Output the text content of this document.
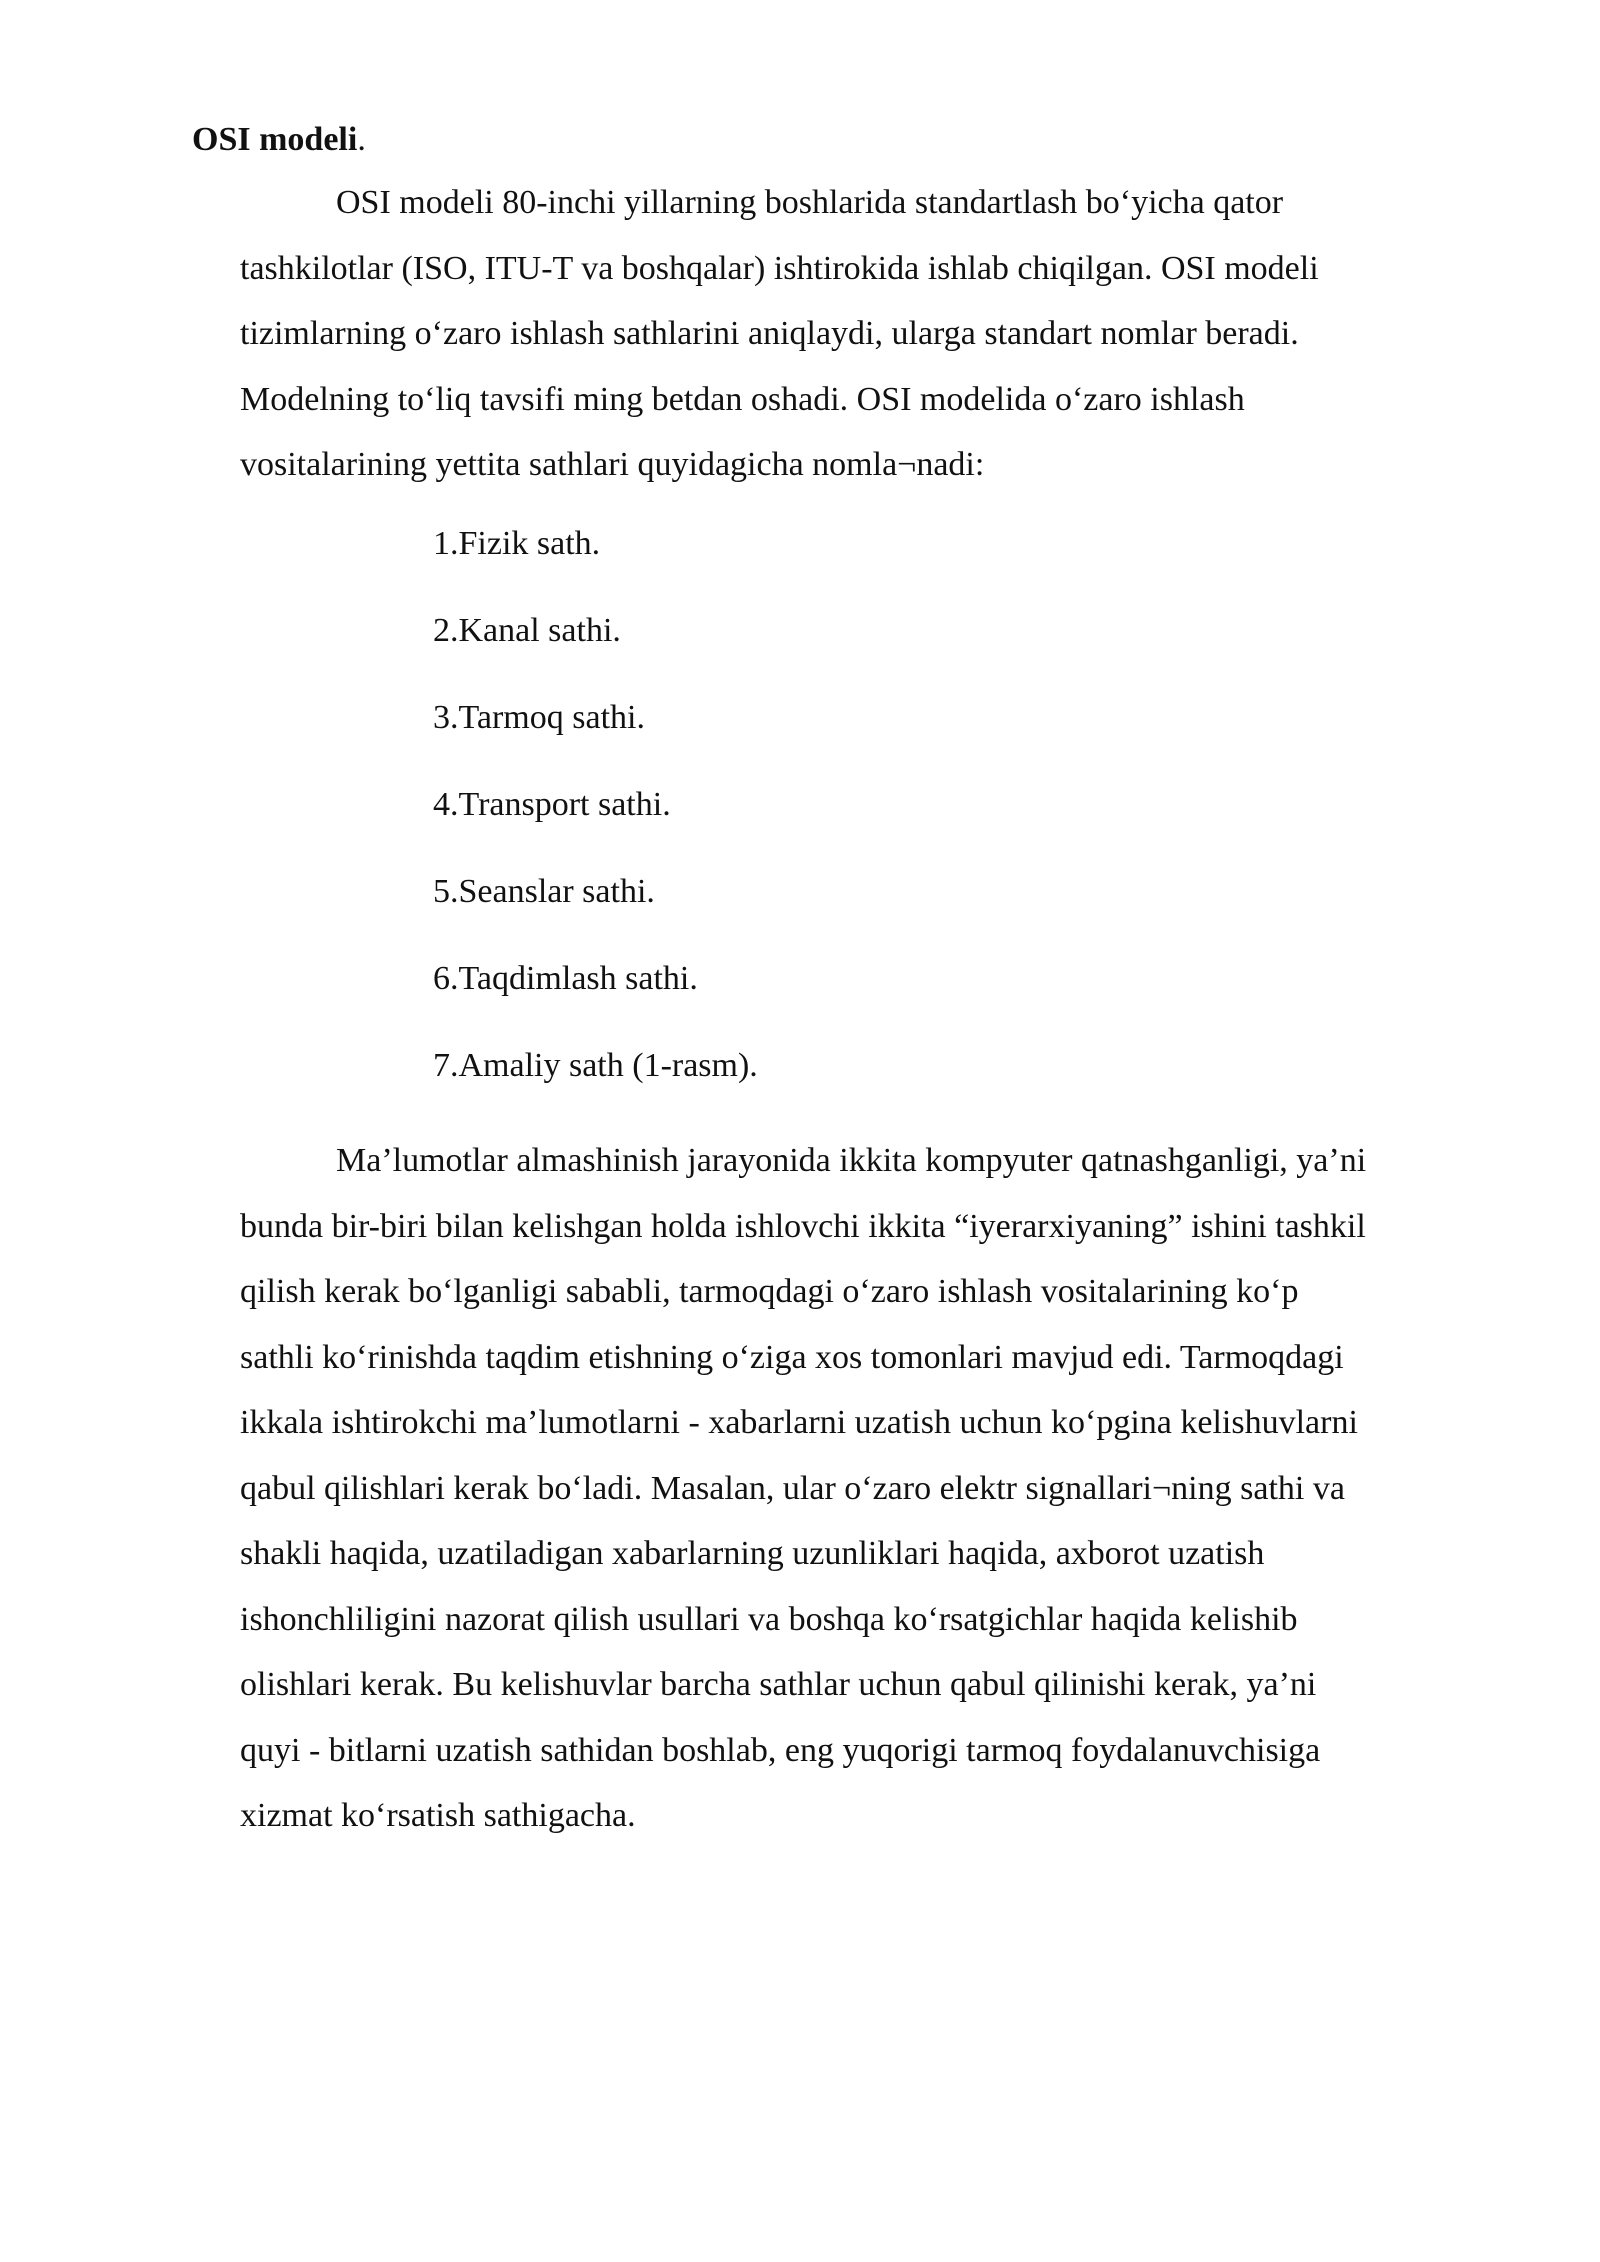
OSI modeli.

OSI modeli 80-inchi yillarning boshlarida standartlash bo‘yicha qator
tashkilotlar (ISO, ITU-T va boshqalar) ishtirokida ishlab chiqilgan. OSI modeli
tizimlarning o‘zaro ishlash sathlarini aniqlaydi, ularga standart nomlar beradi.
Modelning to‘liq tavsifi ming betdan oshadi. OSI modelida o‘zaro ishlash
vositalarining yettita sathlari quyidagicha nomla¬nadi:

1.Fizik sath.
2.Kanal sathi.
3.Tarmoq sathi.
4.Transport sathi.
5.Seanslar sathi.
6.Taqdimlash sathi.
7.Amaliy sath (1-rasm).

Ma’lumotlar almashinish jarayonida ikkita kompyuter qatnashganligi, ya’ni
bunda bir-biri bilan kelishgan holda ishlovchi ikkita “iyerarxiyaning” ishini tashkil
qilish kerak bo‘lganligi sababli, tarmoqdagi o‘zaro ishlash vositalarining ko‘p
sathli ko‘rinishda taqdim etishning o‘ziga xos tomonlari mavjud edi. Tarmoqdagi
ikkala ishtirokchi ma’lumotlarni - xabarlarni uzatish uchun ko‘pgina kelishuvlarni
qabul qilishlari kerak bo‘ladi. Masalan, ular o‘zaro elektr signallari¬ning sathi va
shakli haqida, uzatiladigan xabarlarning uzunliklari haqida, axborot uzatish
ishonchliligini nazorat qilish usullari va boshqa ko‘rsatgichlar haqida kelishib
olishlari kerak. Bu kelishuvlar barcha sathlar uchun qabul qilinishi kerak, ya’ni
quyi - bitlarni uzatish sathidan boshlab, eng yuqorigi tarmoq foydalanuvchisiga
xizmat ko‘rsatish sathigacha.
